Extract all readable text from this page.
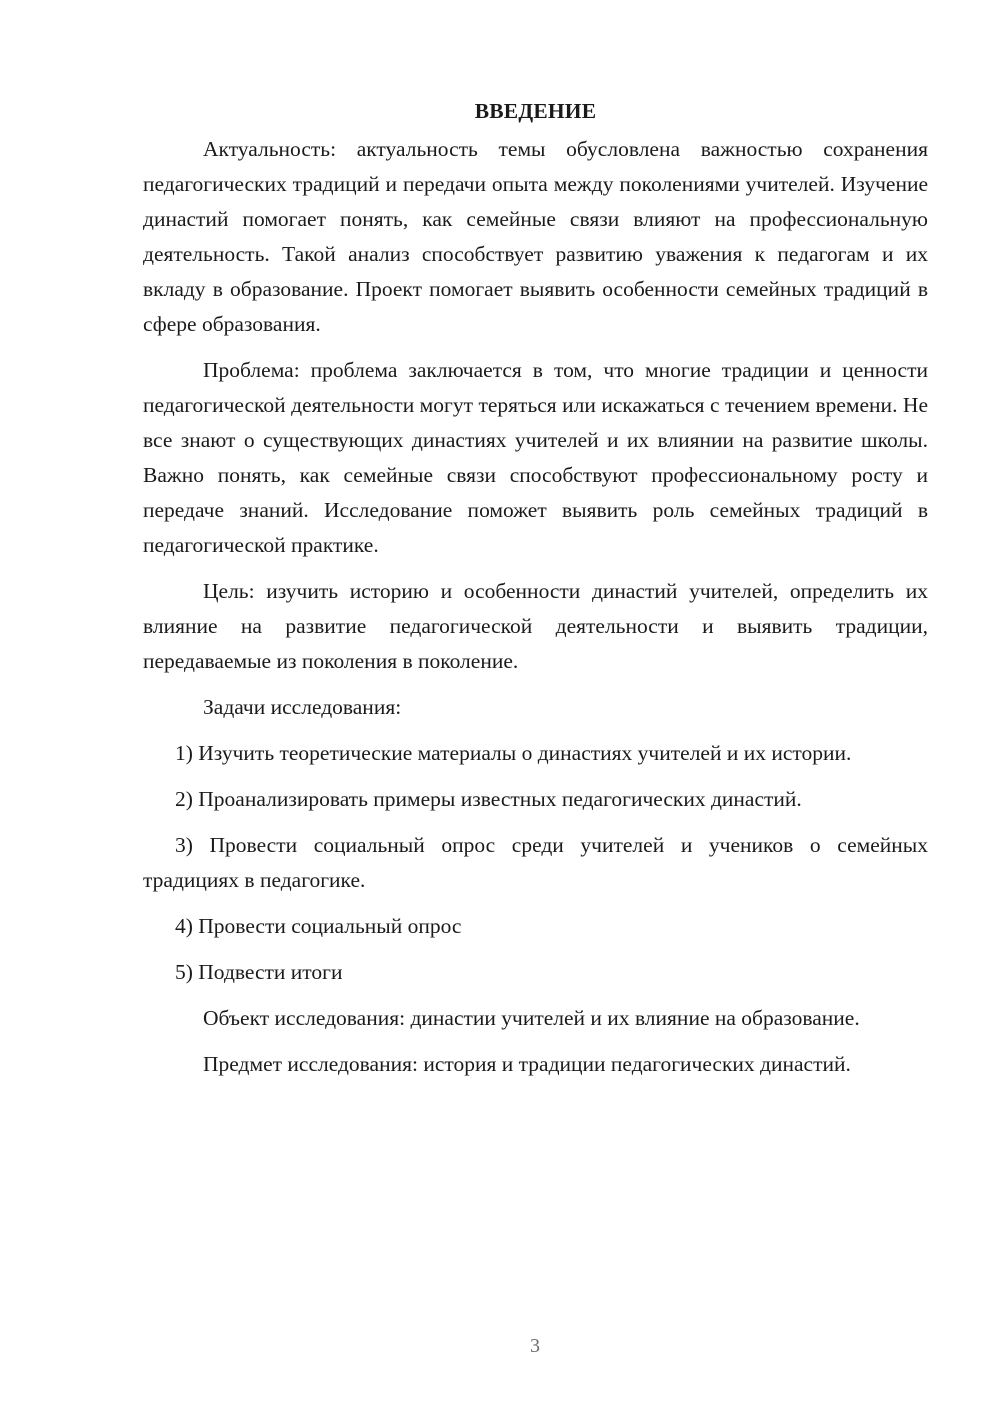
ВВЕДЕНИЕ

Актуальность: актуальность темы обусловлена важностью сохранения педагогических традиций и передачи опыта между поколениями учителей. Изучение династий помогает понять, как семейные связи влияют на профессиональную деятельность. Такой анализ способствует развитию уважения к педагогам и их вкладу в образование. Проект помогает выявить особенности семейных традиций в сфере образования.

Проблема: проблема заключается в том, что многие традиции и ценности педагогической деятельности могут теряться или искажаться с течением времени. Не все знают о существующих династиях учителей и их влиянии на развитие школы. Важно понять, как семейные связи способствуют профессиональному росту и передаче знаний. Исследование поможет выявить роль семейных традиций в педагогической практике.

Цель: изучить историю и особенности династий учителей, определить их влияние на развитие педагогической деятельности и выявить традиции, передаваемые из поколения в поколение.

Задачи исследования:

1) Изучить теоретические материалы о династиях учителей и их истории.

2) Проанализировать примеры известных педагогических династий.

3) Провести социальный опрос среди учителей и учеников о семейных традициях в педагогике.

4) Провести социальный опрос

5) Подвести итоги

Объект исследования: династии учителей и их влияние на образование.

Предмет исследования: история и традиции педагогических династий.

3
